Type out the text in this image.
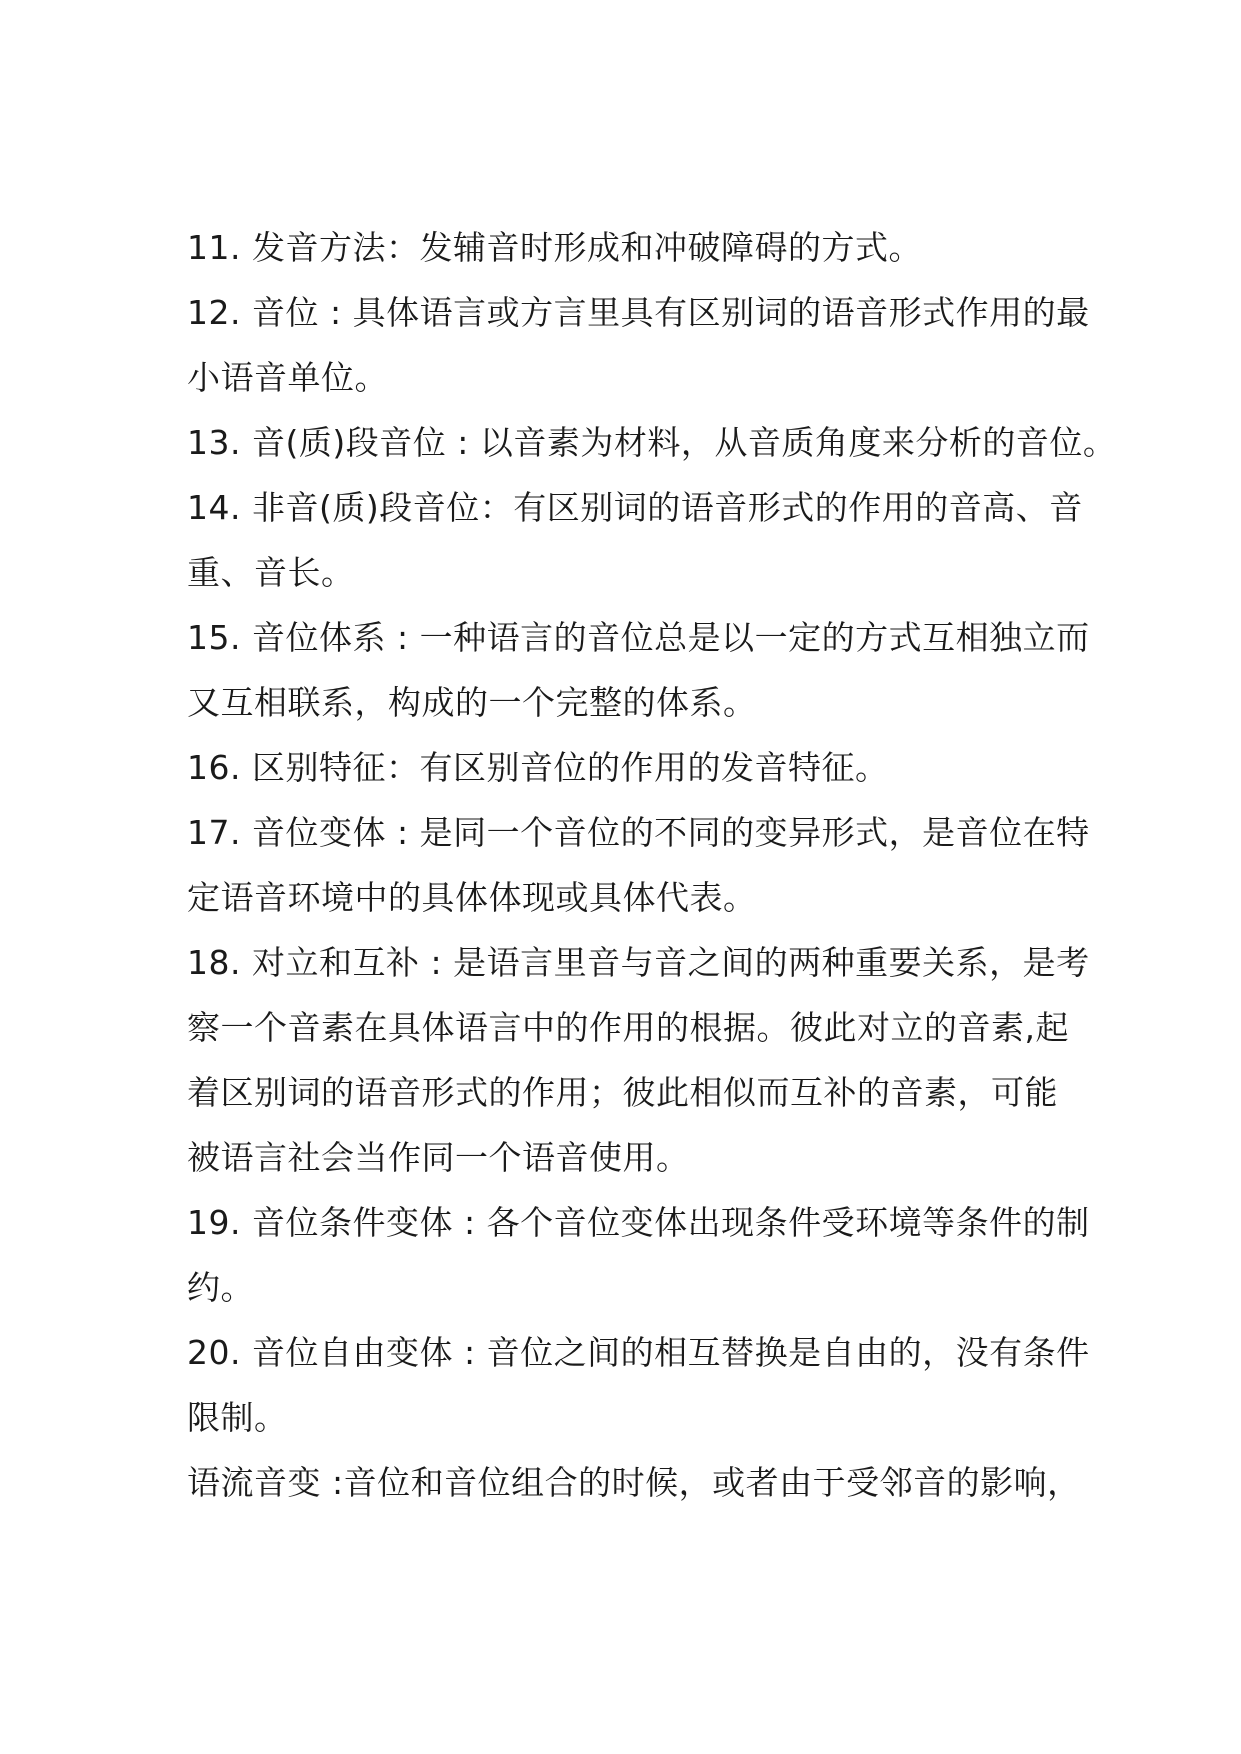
11. 发音方法：发辅音时形成和冲破障碍的方式。
12. 音位 : 具体语言或方言里具有区别词的语音形式作用的最
小语音单位。
13. 音(质)段音位 : 以音素为材料，从音质角度来分析的音位。
14. 非音(质)段音位：有区别词的语音形式的作用的音高、音
重、音长。
15. 音位体系 : 一种语言的音位总是以一定的方式互相独立而
又互相联系，构成的一个完整的体系。
16. 区别特征：有区别音位的作用的发音特征。
17. 音位变体 : 是同一个音位的不同的变异形式，是音位在特
定语音环境中的具体体现或具体代表。
18. 对立和互补 : 是语言里音与音之间的两种重要关系，是考
察一个音素在具体语言中的作用的根据。彼此对立的音素,起
着区别词的语音形式的作用；彼此相似而互补的音素，可能
被语言社会当作同一个语音使用。
19. 音位条件变体 : 各个音位变体出现条件受环境等条件的制
约。
20. 音位自由变体 : 音位之间的相互替换是自由的，没有条件
限制。
语流音变 :音位和音位组合的时候，或者由于受邻音的影响，
